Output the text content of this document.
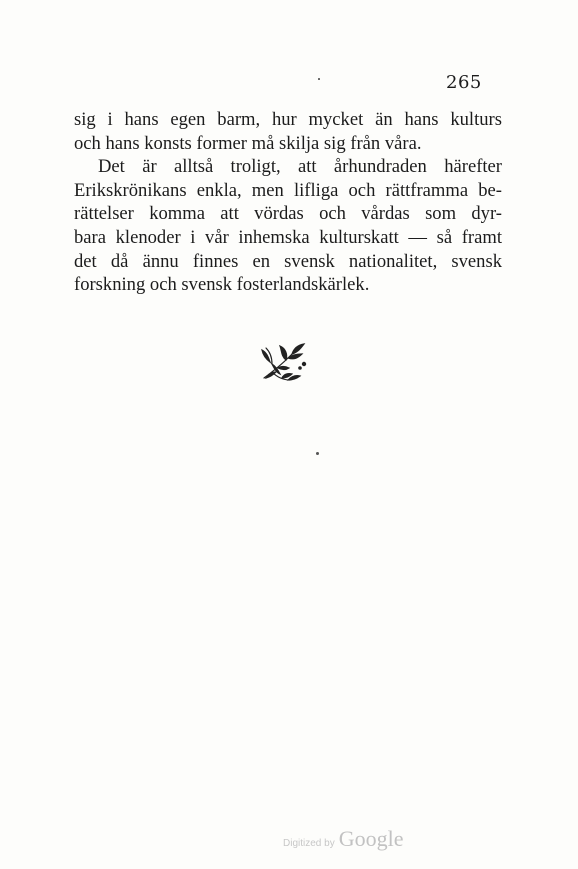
265
sig i hans egen barm, hur mycket än hans kulturs
och hans konsts former må skilja sig från våra.
Det är alltså troligt, att århundraden härefter
Erikskrönikans enkla, men lifliga och rättframma be-
rättelser komma att vördas och vårdas som dyr-
bara klenoder i vår inhemska kulturskatt — så framt
det då ännu finnes en svensk nationalitet, svensk
forskning och svensk fosterlandskärlek.
Digitized by Google
